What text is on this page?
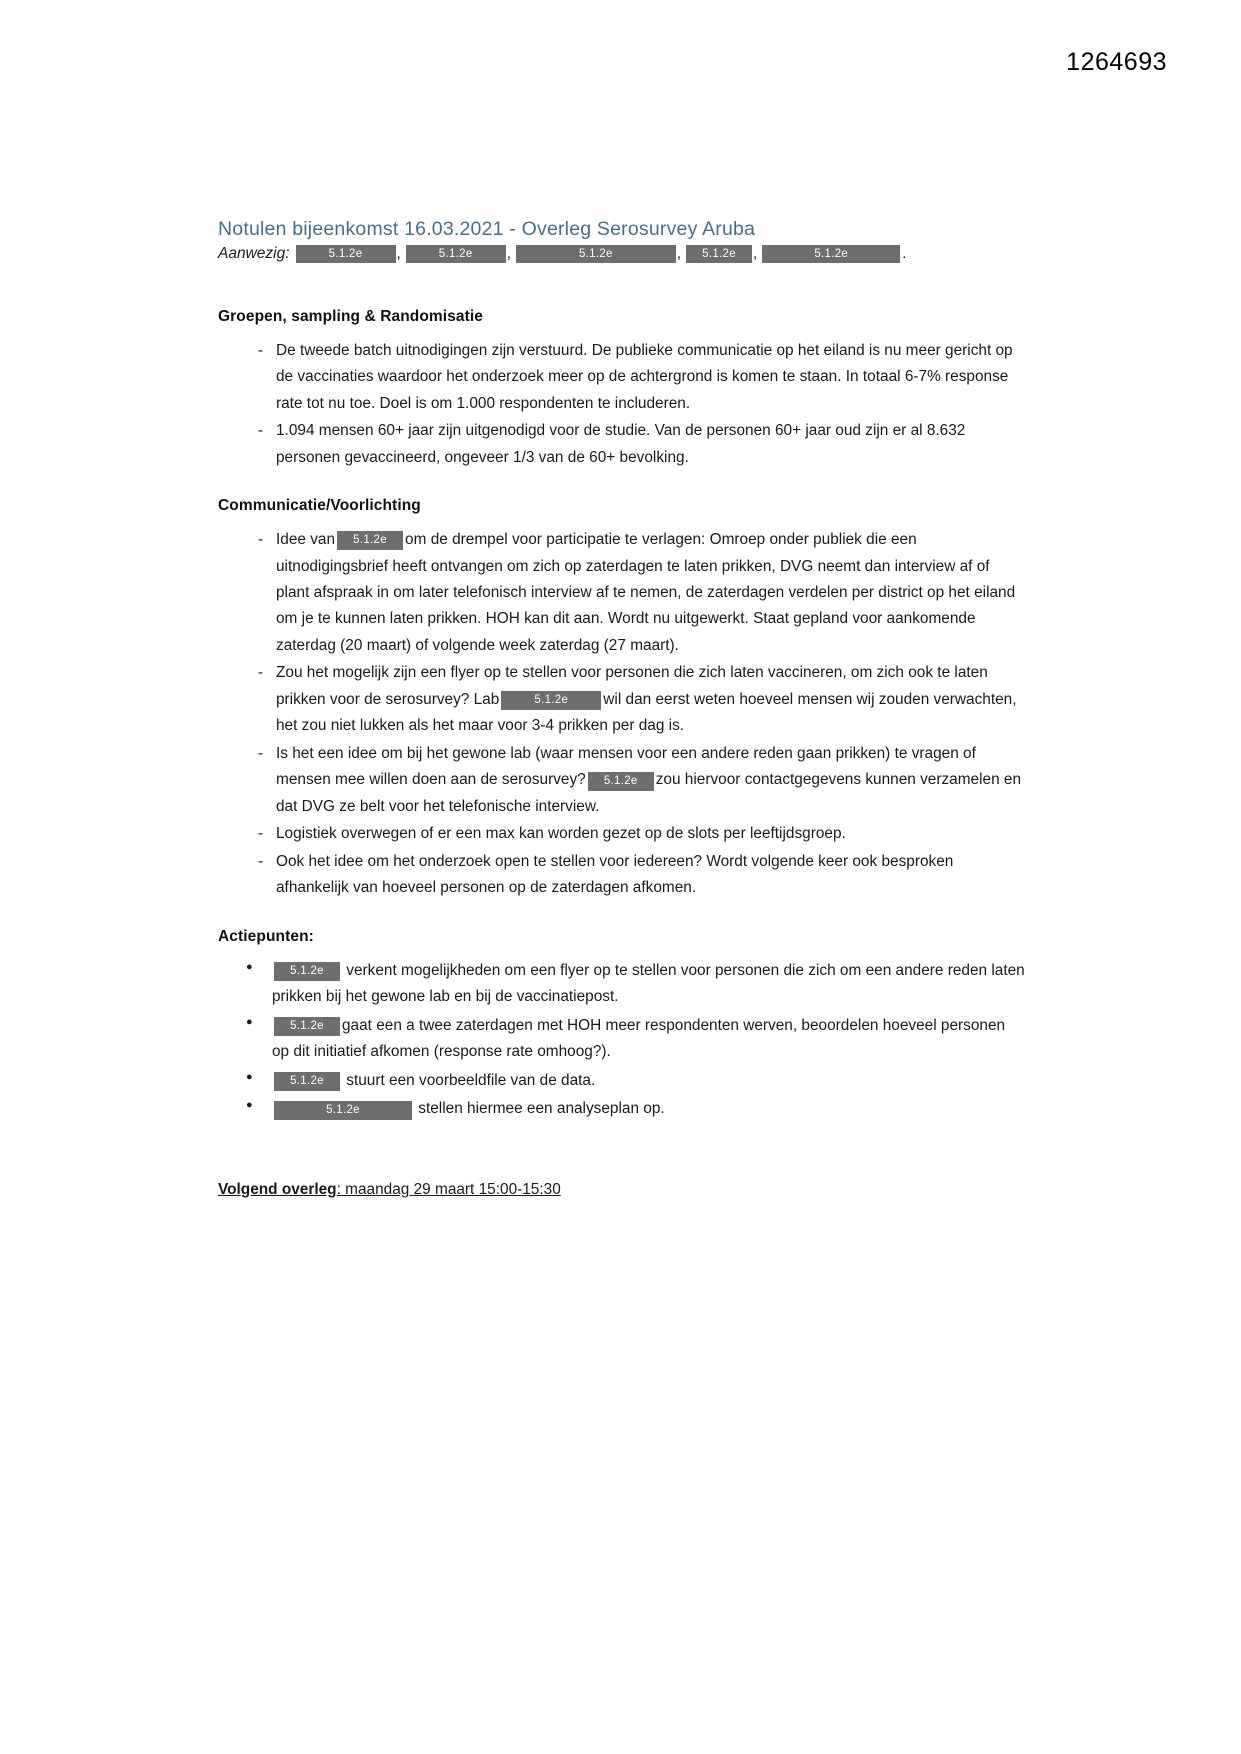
1264693
Notulen bijeenkomst 16.03.2021 - Overleg Serosurvey Aruba
Aanwezig:	5.1.2e	,	5.1.2e	,	5.1.2e	,	5.1.2e	,	5.1.2e	.
Groepen, sampling & Randomisatie
- De tweede batch uitnodigingen zijn verstuurd. De publieke communicatie op het eiland is nu meer gericht op de vaccinaties waardoor het onderzoek meer op de achtergrond is komen te staan. In totaal 6-7% response rate tot nu toe. Doel is om 1.000 respondenten te includeren.
- 1.094 mensen 60+ jaar zijn uitgenodigd voor de studie. Van de personen 60+ jaar oud zijn er al 8.632 personen gevaccineerd, ongeveer 1/3 van de 60+ bevolking.
Communicatie/Voorlichting
- Idee van 5.1.2e om de drempel voor participatie te verlagen: Omroep onder publiek die een uitnodigingsbrief heeft ontvangen om zich op zaterdagen te laten prikken, DVG neemt dan interview af of plant afspraak in om later telefonisch interview af te nemen, de zaterdagen verdelen per district op het eiland om je te kunnen laten prikken. HOH kan dit aan. Wordt nu uitgewerkt. Staat gepland voor aankomende zaterdag (20 maart) of volgende week zaterdag (27 maart).
- Zou het mogelijk zijn een flyer op te stellen voor personen die zich laten vaccineren, om zich ook te laten prikken voor de serosurvey? Lab	5.1.2e wil dan eerst weten hoeveel mensen wij zouden verwachten, het zou niet lukken als het maar voor 3-4 prikken per dag is.
- Is het een idee om bij het gewone lab (waar mensen voor een andere reden gaan prikken) te vragen of mensen mee willen doen aan de serosurvey? 5.1.2e zou hiervoor contactgegevens kunnen verzamelen en dat DVG ze belt voor het telefonische interview.
- Logistiek overwegen of er een max kan worden gezet op de slots per leeftijdsgroep.
- Ook het idee om het onderzoek open te stellen voor iedereen? Wordt volgende keer ook besproken afhankelijk van hoeveel personen op de zaterdagen afkomen.
Actiepunten:
● 5.1.2e verkent mogelijkheden om een flyer op te stellen voor personen die zich om een andere reden laten prikken bij het gewone lab en bij de vaccinatiepost.
● 5.1.2e gaat een a twee zaterdagen met HOH meer respondenten werven, beoordelen hoeveel personen op dit initiatief afkomen (response rate omhoog?).
● 5.1.2e stuurt een voorbeeldfile van de data.
● 5.1.2e	stellen hiermee een analyseplan op.
Volgend overleg: maandag 29 maart 15:00-15:30
